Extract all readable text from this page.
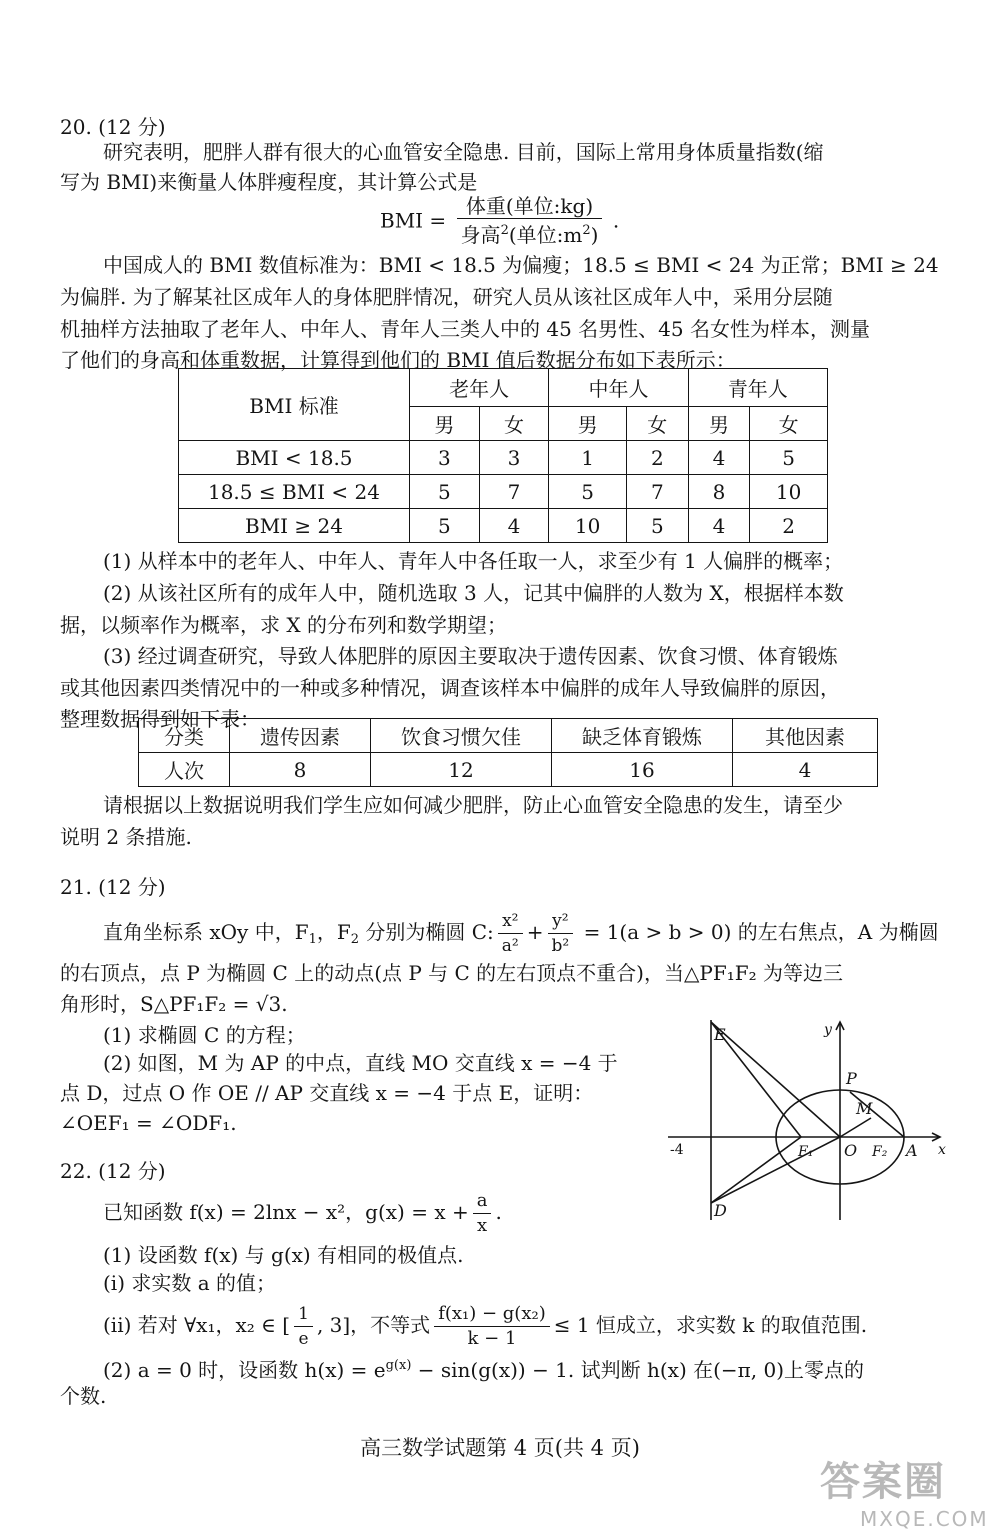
20. (12 分)
研究表明，肥胖人群有很大的心血管安全隐患. 目前，国际上常用身体质量指数(缩
写为 BMI)来衡量人体胖瘦程度，其计算公式是
BMI = $\frac{\text{体重(单位:kg)}}{身高^2(单位:m^2)}$ .
中国成人的 BMI 数值标准为：BMI < 18.5 为偏瘦；18.5 ≤ BMI < 24 为正常；BMI ≥ 24
为偏胖. 为了解某社区成年人的身体肥胖情况，研究人员从该社区成年人中，采用分层随
机抽样方法抽取了老年人、中年人、青年人三类人中的 45 名男性、45 名女性为样本，测量
了他们的身高和体重数据，计算得到他们的 BMI 值后数据分布如下表所示：
BMI 标准	老年人		中年人		青年人	
	男	女	男	女	男	女
BMI < 18.5	3	3	1	2	4	5
18.5 ≤ BMI < 24	5	7	5	7	8	10
BMI ≥ 24	5	4	10	5	4	2
(1) 从样本中的老年人、中年人、青年人中各任取一人，求至少有 1 人偏胖的概率；
(2) 从该社区所有的成年人中，随机选取 3 人，记其中偏胖的人数为 X，根据样本数
据，以频率作为概率，求 X 的分布列和数学期望；
(3) 经过调查研究，导致人体肥胖的原因主要取决于遗传因素、饮食习惯、体育锻炼
或其他因素四类情况中的一种或多种情况，调查该样本中偏胖的成年人导致偏胖的原因，
整理数据得到如下表：
分类	遗传因素	饮食习惯欠佳	缺乏体育锻炼	其他因素
人次	8	12	16	4
请根据以上数据说明我们学生应如何减少肥胖，防止心血管安全隐患的发生，请至少
说明 2 条措施.
21. (12 分)
直角坐标系 xOy 中，$F_1$，$F_2$ 分别为椭圆 C: $\frac{\text{x²}}{\text{a²}} + \frac{\text{y²}}{\text{b²}} = 1(a > b > 0)$ 的左右焦点，A 为椭圆
的右顶点，点 P 为椭圆 C 上的动点(点 P 与 C 的左右顶点不重合)，当△PF₁F₂ 为等边三
角形时，S△PF₁F₂ = √3.
(1) 求椭圆 C 的方程；
(2) 如图，M 为 AP 的中点，直线 MO 交直线 x = −4 于
点 D，过点 O 作 OE // AP 交直线 x = −4 于点 E，证明：
∠OEF₁ = ∠ODF₁.
E
D
P
M
O
F₁	F₂ A x
y
-4
22. (12 分)
已知函数 f(x) = 2lnx − x²，$g(x) = x + \frac{a}{x}$ .
(1) 设函数 f(x) 与 g(x) 有相同的极值点.
(i) 求实数 a 的值；
(ii) 若对 ∀x₁，x₂ ∈ [ $\frac{1}{e}$ , 3]，不等式 $\frac{\text{f(x₁) − g(x₂)}}{k - 1} \le 1$ 恒成立，求实数 k 的取值范围.
(2) a = 0 时，设函数 $h(x) = e^{g(x)} - \sin(g(x)) - 1$. 试判断 h(x) 在(−π, 0)上零点的
个数.
高三数学试题第 4 页(共 4 页)
答案圈
MXQE.COM
